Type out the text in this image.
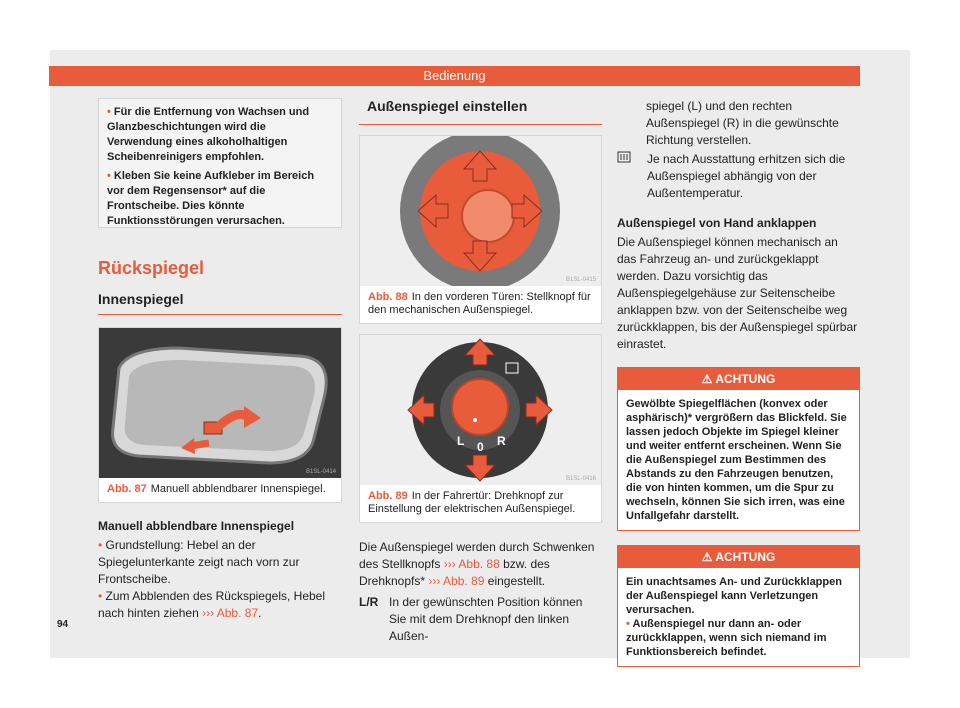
Bedienung

• Für die Entfernung von Wachsen und Glanzbeschichtungen wird die Verwendung eines alkoholhaltigen Scheibenreinigers empfohlen.

• Kleben Sie keine Aufkleber im Bereich vor dem Regensensor* auf die Frontscheibe. Dies könnte Funktionsstörungen verursachen.

Rückspiegel
Innenspiegel
B1SL-0414
Abb. 87 Manuell abblendbarer Innenspiegel.
Manuell abblendbare Innenspiegel

• Grundstellung: Hebel an der Spiegelunterkante zeigt nach vorn zur Frontscheibe.

• Zum Abblenden des Rückspiegels, Hebel nach hinten ziehen ››› Abb. 87.

Außenspiegel einstellen
B1SL-0415
Abb. 88 In den vorderen Türen: Stellknopf für den mechanischen Außenspiegel.
L 0 R
B1SL-0416
Abb. 89 In der Fahrertür: Drehknopf zur Einstellung der elektrischen Außenspiegel.

Die Außenspiegel werden durch Schwenken des Stellknopfs ››› Abb. 88 bzw. des Drehknopfs* ››› Abb. 89 eingestellt.

L/R In der gewünschten Position können Sie mit dem Drehknopf den linken Außen-

spiegel (L) und den rechten Außenspiegel (R) in die gewünschte Richtung verstellen.

Je nach Ausstattung erhitzen sich die Außenspiegel abhängig von der Außentemperatur.
Außenspiegel von Hand anklappen
Die Außenspiegel können mechanisch an das Fahrzeug an- und zurückgeklappt werden. Dazu vorsichtig das Außenspiegelgehäuse zur Seitenscheibe anklappen bzw. von der Seitenscheibe weg zurückklappen, bis der Außenspiegel spürbar einrastet.
⚠ ACHTUNG
Gewölbte Spiegelflächen (konvex oder asphärisch)* vergrößern das Blickfeld. Sie lassen jedoch Objekte im Spiegel kleiner und weiter entfernt erscheinen. Wenn Sie die Außenspiegel zum Bestimmen des Abstands zu den Fahrzeugen benutzen, die von hinten kommen, um die Spur zu wechseln, können Sie sich irren, was eine Unfallgefahr darstellt.
⚠ ACHTUNG

Ein unachtsames An- und Zurückklappen der Außenspiegel kann Verletzungen verursachen.

• Außenspiegel nur dann an- oder zurückklappen, wenn sich niemand im Funktionsbereich befindet.

94
